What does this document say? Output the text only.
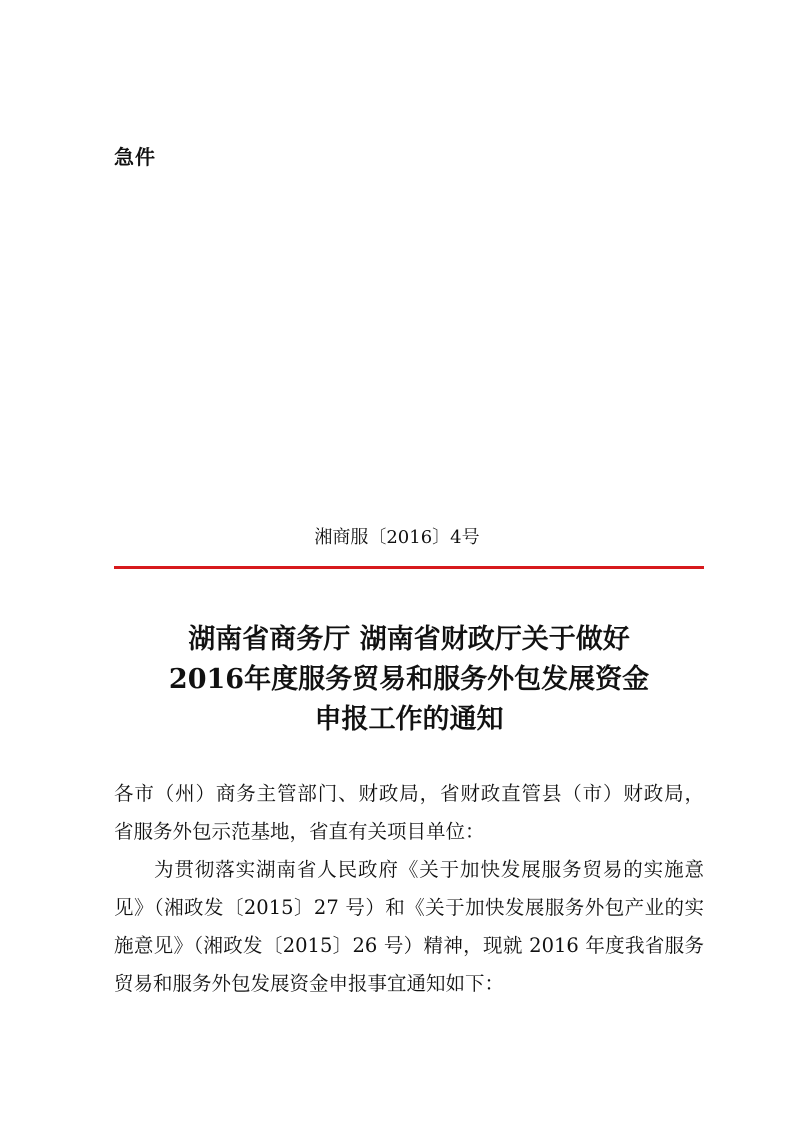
急件
湘商服〔2016〕4号
湖南省商务厅 湖南省财政厅关于做好
2016年度服务贸易和服务外包发展资金
申报工作的通知
各市（州）商务主管部门、财政局，省财政直管县（市）财政局，
省服务外包示范基地，省直有关项目单位：
为贯彻落实湖南省人民政府《关于加快发展服务贸易的实施意
见》（湘政发〔2015〕27 号）和《关于加快发展服务外包产业的实
施意见》（湘政发〔2015〕26 号）精神，现就 2016 年度我省服务
贸易和服务外包发展资金申报事宜通知如下：
